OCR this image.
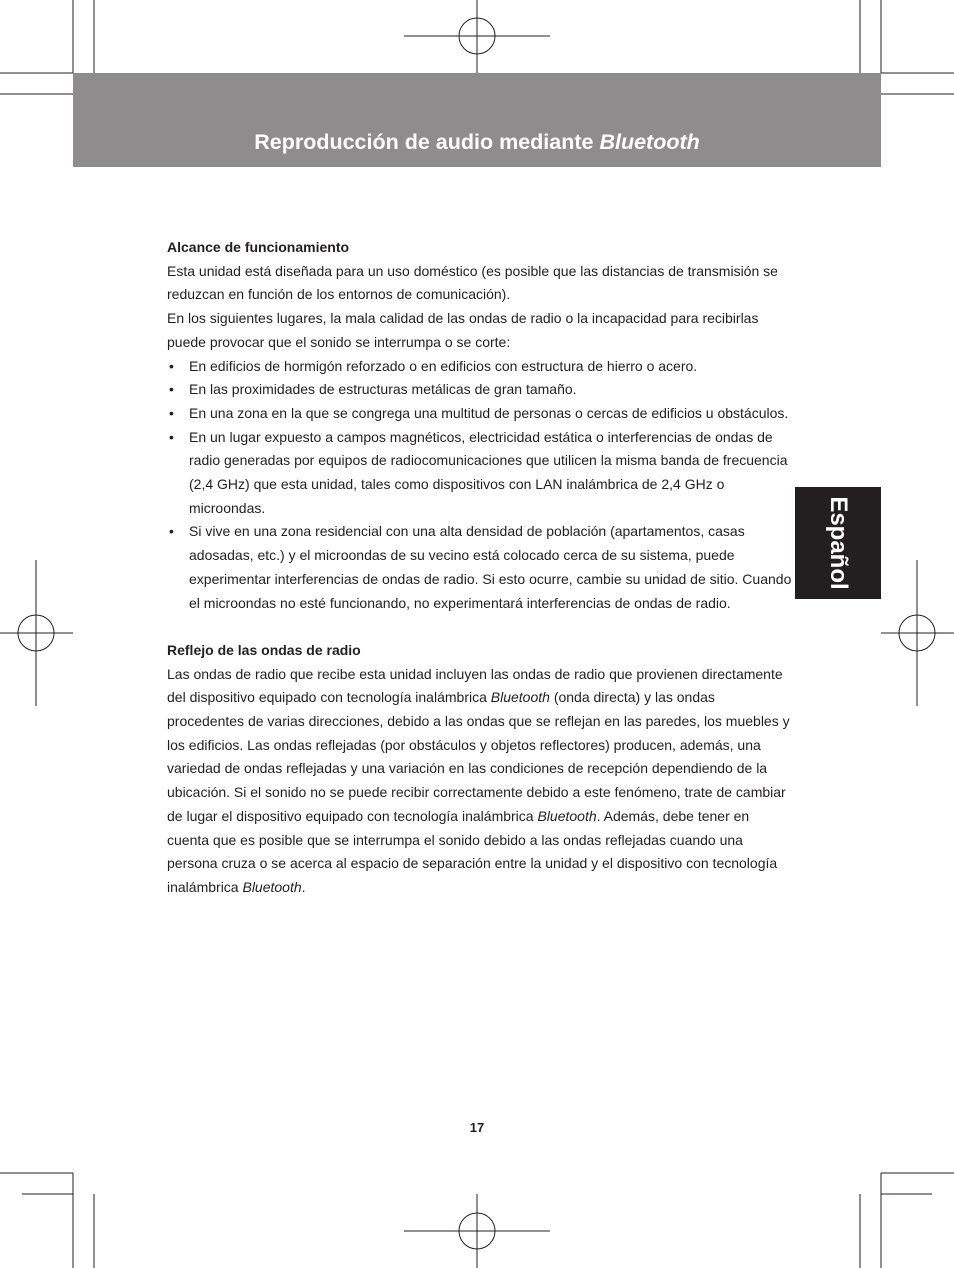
Reproducción de audio mediante Bluetooth
Español

Alcance de funcionamiento

Esta unidad está diseñada para un uso doméstico (es posible que las distancias de transmisión se reduzcan en función de los entornos de comunicación).

En los siguientes lugares, la mala calidad de las ondas de radio o la incapacidad para recibirlas puede provocar que el sonido se interrumpa o se corte:

• En edificios de hormigón reforzado o en edificios con estructura de hierro o acero.
• En las proximidades de estructuras metálicas de gran tamaño.
• En una zona en la que se congrega una multitud de personas o cercas de edificios u obstáculos.
• En un lugar expuesto a campos magnéticos, electricidad estática o interferencias de ondas de radio generadas por equipos de radiocomunicaciones que utilicen la misma banda de frecuencia (2,4 GHz) que esta unidad, tales como dispositivos con LAN inalámbrica de 2,4 GHz o microondas.
• Si vive en una zona residencial con una alta densidad de población (apartamentos, casas adosadas, etc.) y el microondas de su vecino está colocado cerca de su sistema, puede experimentar interferencias de ondas de radio. Si esto ocurre, cambie su unidad de sitio. Cuando el microondas no esté funcionando, no experimentará interferencias de ondas de radio.

Reflejo de las ondas de radio

Las ondas de radio que recibe esta unidad incluyen las ondas de radio que provienen directamente del dispositivo equipado con tecnología inalámbrica Bluetooth (onda directa) y las ondas procedentes de varias direcciones, debido a las ondas que se reflejan en las paredes, los muebles y los edificios. Las ondas reflejadas (por obstáculos y objetos reflectores) producen, además, una variedad de ondas reflejadas y una variación en las condiciones de recepción dependiendo de la ubicación. Si el sonido no se puede recibir correctamente debido a este fenómeno, trate de cambiar de lugar el dispositivo equipado con tecnología inalámbrica Bluetooth. Además, debe tener en cuenta que es posible que se interrumpa el sonido debido a las ondas reflejadas cuando una persona cruza o se acerca al espacio de separación entre la unidad y el dispositivo con tecnología inalámbrica Bluetooth.

17
